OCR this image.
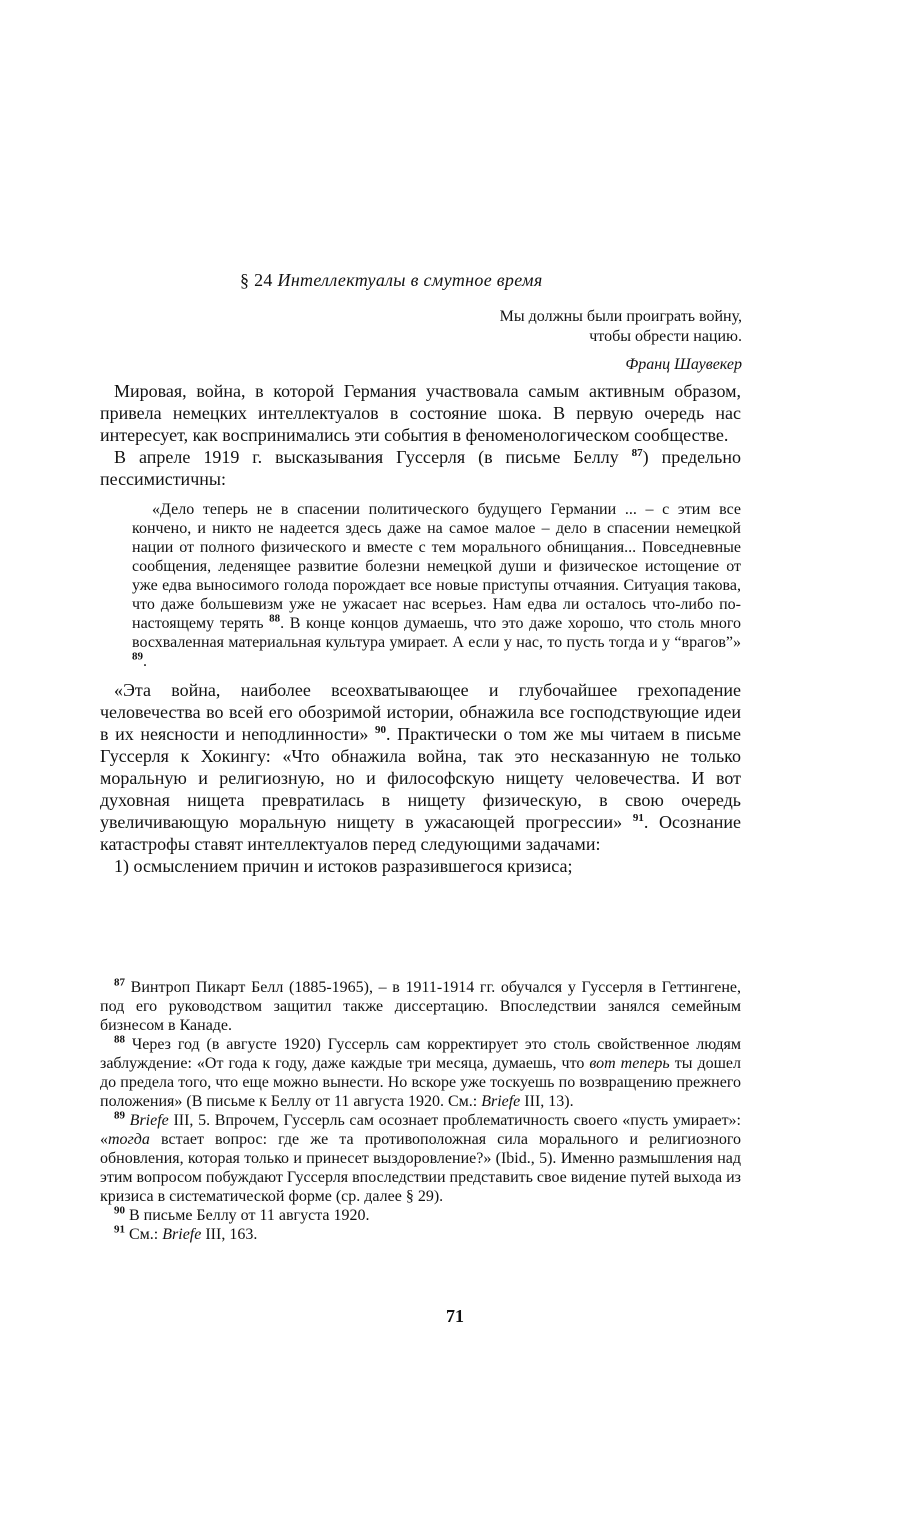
§ 24 Интеллектуалы в смутное время
Мы должны были проиграть войну,
чтобы обрести нацию.
Франц Шаувекер

Мировая, война, в которой Германия участвовала самым активным образом, привела немецких интеллектуалов в состояние шока. В первую очередь нас интересует, как воспринимались эти события в феноменологическом сообществе.

В апреле 1919 г. высказывания Гуссерля (в письме Беллу $^{87}$) предельно пессимистичны:

«Дело теперь не в спасении политического будущего Германии ... – с этим все кончено, и никто не надеется здесь даже на самое малое – дело в спасении немецкой нации от полного физического и вместе с тем морального обнищания... Повседневные сообщения, леденящее развитие болезни немецкой души и физическое истощение от уже едва выносимого голода порождает все новые приступы отчаяния. Ситуация такова, что даже большевизм уже не ужасает нас всерьез. Нам едва ли осталось что-либо по-настоящему терять $^{88}$. В конце концов думаешь, что это даже хорошо, что столь много восхваленная материальная культура умирает. А если у нас, то пусть тогда и у “врагов”» $^{89}$.

«Эта война, наиболее всеохватывающее и глубочайшее грехопадение человечества во всей его обозримой истории, обнажила все господствующие идеи в их неясности и неподлинности» $^{90}$. Практически о том же мы читаем в письме Гуссерля к Хокингу: «Что обнажила война, так это несказанную не только моральную и религиозную, но и философскую нищету человечества. И вот духовная нищета превратилась в нищету физическую, в свою очередь увеличивающую моральную нищету в ужасающей прогрессии» $^{91}$. Осознание катастрофы ставят интеллектуалов перед следующими задачами:

1) осмыслением причин и истоков разразившегося кризиса;

$^{87}$ Винтроп Пикарт Белл (1885-1965), – в 1911-1914 гг. обучался у Гуссерля в Геттингене, под его руководством защитил также диссертацию. Впоследствии занялся семейным бизнесом в Канаде.

$^{88}$ Через год (в августе 1920) Гуссерль сам корректирует это столь свойственное людям заблуждение: «От года к году, даже каждые три месяца, думаешь, что вот теперь ты дошел до предела того, что еще можно вынести. Но вскоре уже тоскуешь по возвращению прежнего положения» (В письме к Беллу от 11 августа 1920. См.: Briefe III, 13).

$^{89}$ Briefe III, 5. Впрочем, Гуссерль сам осознает проблематичность своего «пусть умирает»: «тогда встает вопрос: где же та противоположная сила морального и религиозного обновления, которая только и принесет выздоровление?» (Ibid., 5). Именно размышления над этим вопросом побуждают Гуссерля впоследствии представить свое видение путей выхода из кризиса в систематической форме (ср. далее § 29).

$^{90}$ В письме Беллу от 11 августа 1920.

$^{91}$ См.: Briefe III, 163.

71
